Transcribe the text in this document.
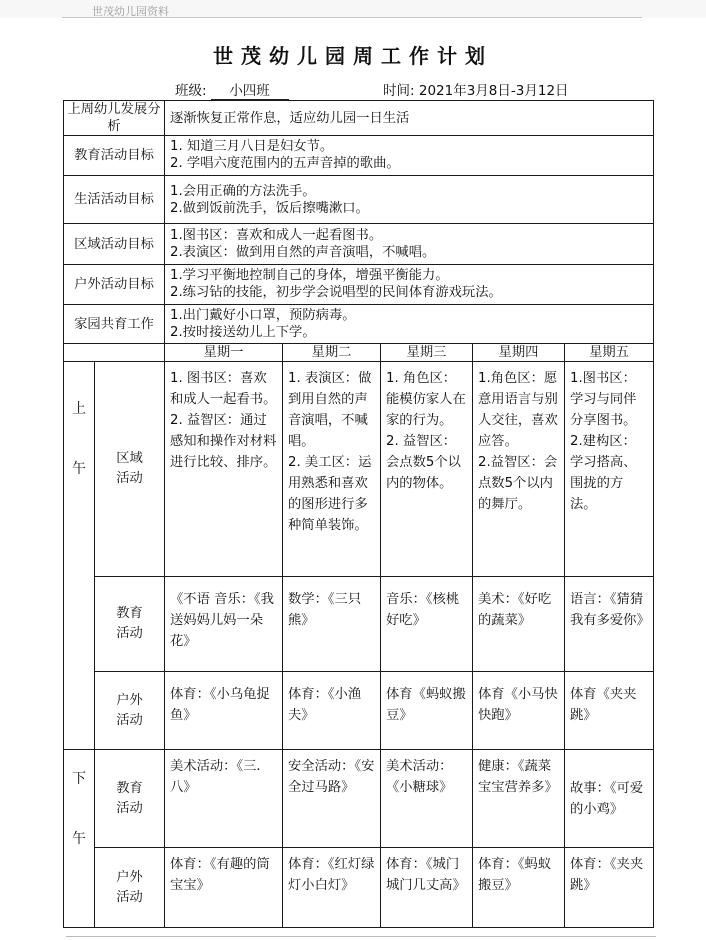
世茂幼儿园资料
世茂幼儿园周工作计划
班级: 小四班	时间: 2021年3月8日-3月12日
上周幼儿发展分析		逐渐恢复正常作息，适应幼儿园一日生活				

教育活动目标		1. 知道三月八日是妇女节。
2. 学唱六度范围内的五声音掉的歌曲。				

生活活动目标		1.会用正确的方法洗手。
2.做到饭前洗手，饭后擦嘴漱口。				

区域活动目标		1.图书区：喜欢和成人一起看图书。
2.表演区：做到用自然的声音演唱，不喊唱。				

户外活动目标		1.学习平衡地控制自己的身体，增强平衡能力。
2.练习钻的技能，初步学会说唱型的民间体育游戏玩法。				

家园共育工作		1.出门戴好小口罩，预防病毒。
2.按时接送幼儿上下学。				

		星期一	星期二	星期三	星期四	星期五
上

午	区域
活动	1. 图书区：喜欢和成人一起看书。
2. 益智区：通过感知和操作对材料进行比较、排序。	1. 表演区：做到用自然的声音演唱，不喊唱。
2. 美工区：运用熟悉和喜欢的图形进行多种简单装饰。	1. 角色区：能模仿家人在家的行为。
2. 益智区：会点数5个以内的物体。	1.角色区：愿意用语言与别人交往，喜欢应答。
2.益智区：会点数5个以内的舞厅。	1.图书区：学习与同伴分享图书。
2.建构区：学习搭高、围拢的方法。
	教育
活动	《不语 音乐：《我送妈妈儿妈一朵花》	数学：《三只熊》	音乐：《核桃好吃》	美术：《好吃的蔬菜》	语言：《猜猜我有多爱你》
	户外
活动	体育：《小乌龟捉鱼》	体育：《小渔夫》	体育《蚂蚁搬豆》	体育《小马快快跑》	体育《夹夹跳》
下

午	教育
活动	美术活动：《三.八》	安全活动：《安全过马路》	美术活动：《小糖球》	健康：《蔬菜宝宝营养多》	故事：《可爱的小鸡》
	户外
活动	体育：《有趣的筒宝宝》	体育：《红灯绿灯小白灯》	体育：《城门城门几丈高》	体育：《蚂蚁搬豆》	体育：《夹夹跳》
